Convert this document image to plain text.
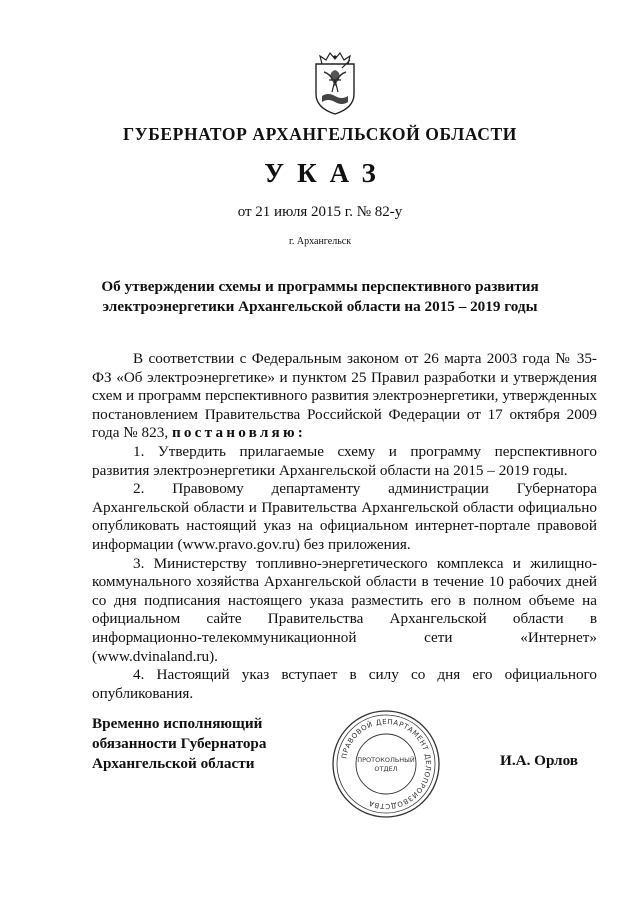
ГУБЕРНАТОР АРХАНГЕЛЬСКОЙ ОБЛАСТИ
УКАЗ
от 21 июля 2015 г. № 82-у
г. Архангельск
Об утверждении схемы и программы перспективного развития электроэнергетики Архангельской области на 2015 – 2019 годы

В соответствии с Федеральным законом от 26 марта 2003 года № 35-ФЗ «Об электроэнергетике» и пунктом 25 Правил разработки и утверждения схем и программ перспективного развития электроэнергетики, утвержденных постановлением Правительства Российской Федерации от 17 октября 2009 года № 823, постановляю:

1. Утвердить прилагаемые схему и программу перспективного развития электроэнергетики Архангельской области на 2015 – 2019 годы.

2. Правовому департаменту администрации Губернатора Архангельской области и Правительства Архангельской области официально опубликовать настоящий указ на официальном интернет-портале правовой информации (www.pravo.gov.ru) без приложения.

3. Министерству топливно-энергетического комплекса и жилищно-коммунального хозяйства Архангельской области в течение 10 рабочих дней со дня подписания настоящего указа разместить его в полном объеме на официальном сайте Правительства Архангельской области в информационно-телекоммуникационной сети «Интернет» (www.dvinaland.ru).

4. Настоящий указ вступает в силу со дня его официального опубликования.

Временно исполняющий
обязанности Губернатора
Архангельской области	ПРАВОВОЙ ДЕПАРТАМЕНТ ДЕЛОПРОИЗВОДСТВА
ПРОТОКОЛЬНЫЙ
ОТДЕЛ	И.А. Орлов
